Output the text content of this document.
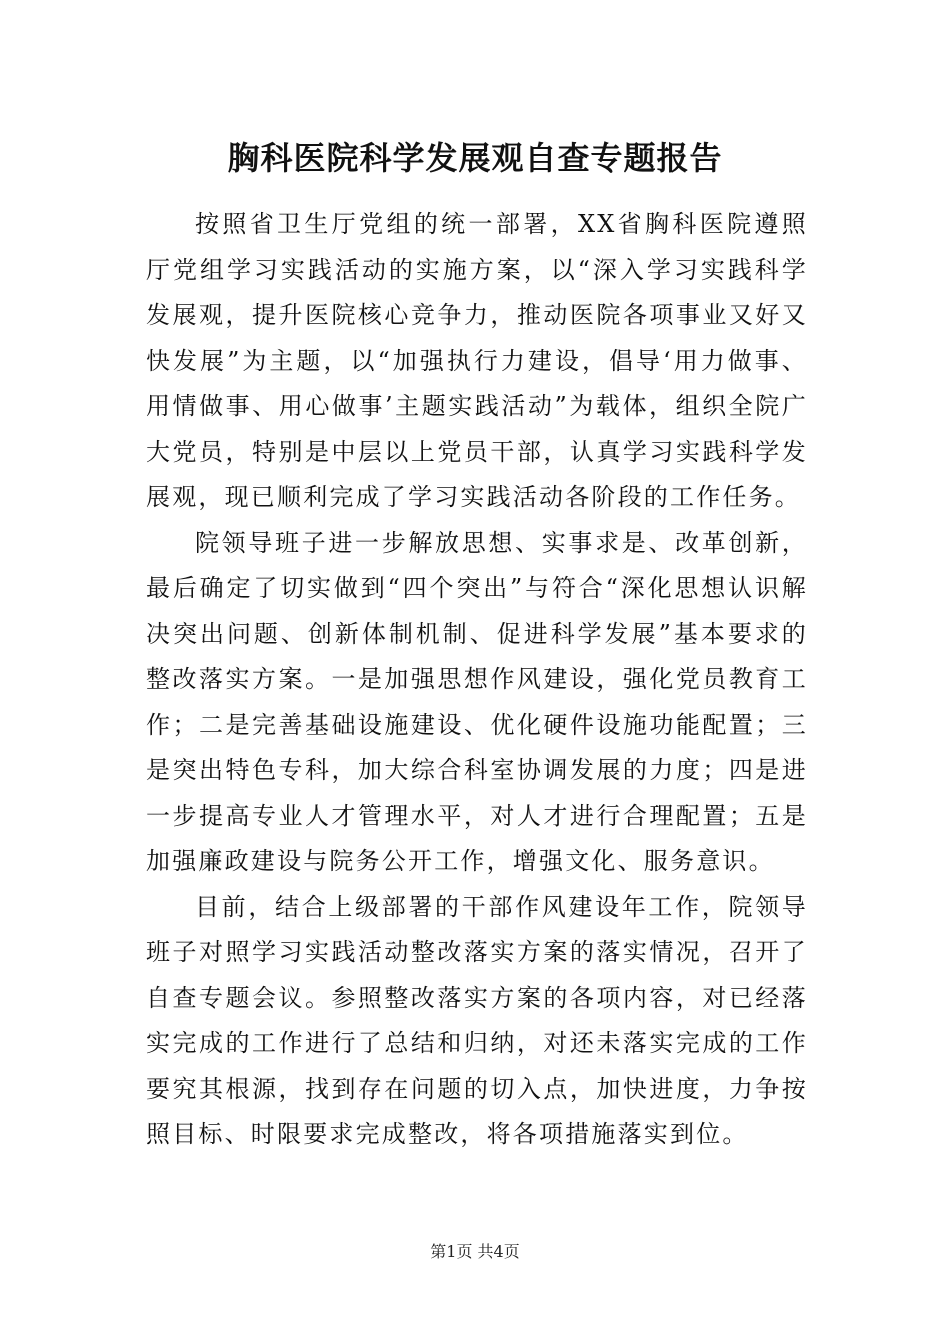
胸科医院科学发展观自查专题报告

按照省卫生厅党组的统一部署，XX省胸科医院遵照厅党组学习实践活动的实施方案，以“深入学习实践科学发展观，提升医院核心竞争力，推动医院各项事业又好又快发展”为主题，以“加强执行力建设，倡导‘用力做事、用情做事、用心做事’主题实践活动”为载体，组织全院广大党员，特别是中层以上党员干部，认真学习实践科学发展观，现已顺利完成了学习实践活动各阶段的工作任务。

院领导班子进一步解放思想、实事求是、改革创新，最后确定了切实做到“四个突出”与符合“深化思想认识解决突出问题、创新体制机制、促进科学发展”基本要求的整改落实方案。一是加强思想作风建设，强化党员教育工作；二是完善基础设施建设、优化硬件设施功能配置；三是突出特色专科，加大综合科室协调发展的力度；四是进一步提高专业人才管理水平，对人才进行合理配置；五是加强廉政建设与院务公开工作，增强文化、服务意识。

目前，结合上级部署的干部作风建设年工作，院领导班子对照学习实践活动整改落实方案的落实情况，召开了自查专题会议。参照整改落实方案的各项内容，对已经落实完成的工作进行了总结和归纳，对还未落实完成的工作要究其根源，找到存在问题的切入点，加快进度，力争按照目标、时限要求完成整改，将各项措施落实到位。

第1页 共4页
